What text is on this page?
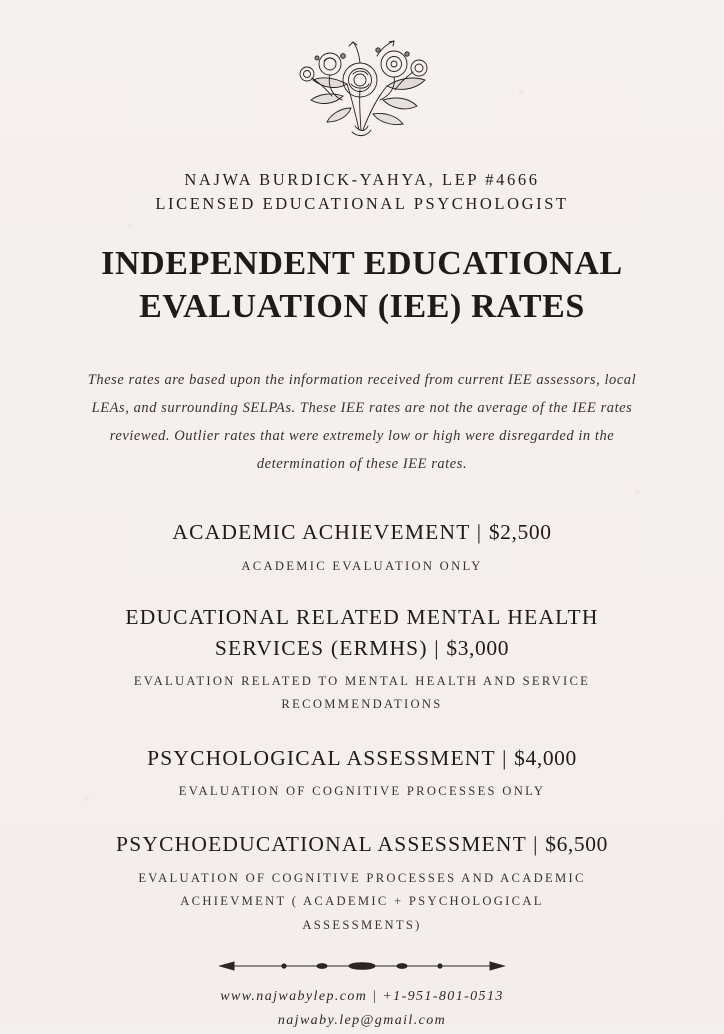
NAJWA BURDICK-YAHYA, LEP #4666
LICENSED EDUCATIONAL PSYCHOLOGIST
INDEPENDENT EDUCATIONAL
EVALUATION (IEE) RATES

These rates are based upon the information received from current IEE assessors, local LEAs, and surrounding SELPAs. These IEE rates are not the average of the IEE rates reviewed. Outlier rates that were extremely low or high were disregarded in the determination of these IEE rates.

ACADEMIC ACHIEVEMENT | $2,500
ACADEMIC EVALUATION ONLY
EDUCATIONAL RELATED MENTAL HEALTH SERVICES (ERMHS) | $3,000
EVALUATION RELATED TO MENTAL HEALTH AND SERVICE RECOMMENDATIONS
PSYCHOLOGICAL ASSESSMENT | $4,000
EVALUATION OF COGNITIVE PROCESSES ONLY
PSYCHOEDUCATIONAL ASSESSMENT | $6,500
EVALUATION OF COGNITIVE PROCESSES AND ACADEMIC ACHIEVMENT ( ACADEMIC + PSYCHOLOGICAL ASSESSMENTS)
www.najwabylep.com | +1-951-801-0513
najwaby.lep@gmail.com
